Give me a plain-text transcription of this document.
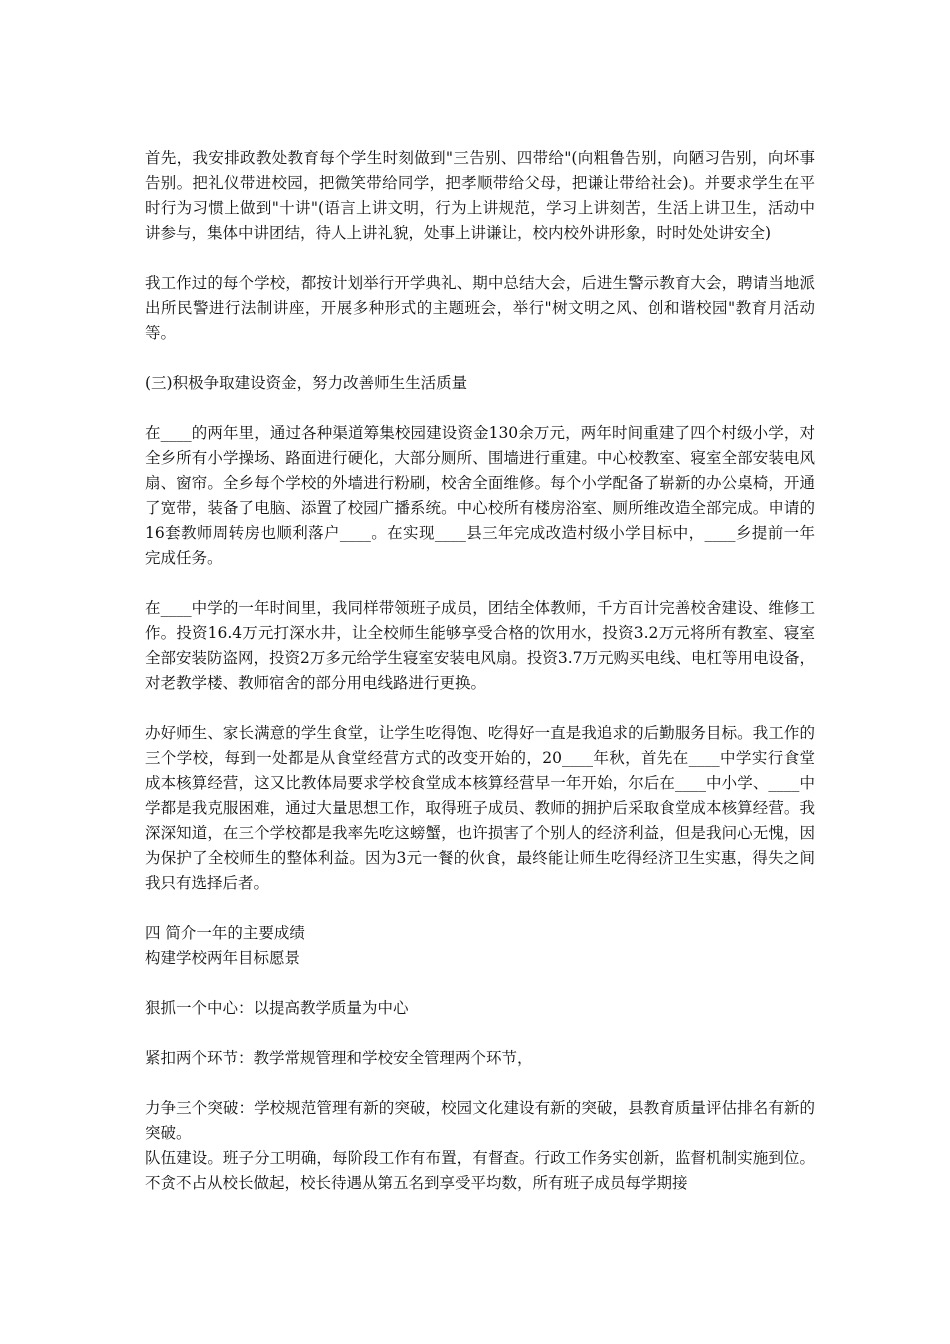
首先，我安排政教处教育每个学生时刻做到"三告别、四带给"(向粗鲁告别，向陋习告别，向坏事告别。把礼仪带进校园，把微笑带给同学，把孝顺带给父母，把谦让带给社会)。并要求学生在平时行为习惯上做到"十讲"(语言上讲文明，行为上讲规范，学习上讲刻苦，生活上讲卫生，活动中讲参与，集体中讲团结，待人上讲礼貌，处事上讲谦让，校内校外讲形象，时时处处讲安全)

我工作过的每个学校，都按计划举行开学典礼、期中总结大会，后进生警示教育大会，聘请当地派出所民警进行法制讲座，开展多种形式的主题班会，举行"树文明之风、创和谐校园"教育月活动等。

(三)积极争取建设资金，努力改善师生生活质量

在____的两年里，通过各种渠道筹集校园建设资金130余万元，两年时间重建了四个村级小学，对全乡所有小学操场、路面进行硬化，大部分厕所、围墙进行重建。中心校教室、寝室全部安装电风扇、窗帘。全乡每个学校的外墙进行粉刷，校舍全面维修。每个小学配备了崭新的办公桌椅，开通了宽带，装备了电脑、添置了校园广播系统。中心校所有楼房浴室、厕所维改造全部完成。申请的16套教师周转房也顺利落户____。在实现____县三年完成改造村级小学目标中，____乡提前一年完成任务。

在____中学的一年时间里，我同样带领班子成员，团结全体教师，千方百计完善校舍建设、维修工作。投资16.4万元打深水井，让全校师生能够享受合格的饮用水，投资3.2万元将所有教室、寝室全部安装防盗网，投资2万多元给学生寝室安装电风扇。投资3.7万元购买电线、电杠等用电设备，对老教学楼、教师宿舍的部分用电线路进行更换。

办好师生、家长满意的学生食堂，让学生吃得饱、吃得好一直是我追求的后勤服务目标。我工作的三个学校，每到一处都是从食堂经营方式的改变开始的，20____年秋，首先在____中学实行食堂成本核算经营，这又比教体局要求学校食堂成本核算经营早一年开始，尔后在____中小学、____中学都是我克服困难，通过大量思想工作，取得班子成员、教师的拥护后采取食堂成本核算经营。我深深知道，在三个学校都是我率先吃这螃蟹，也许损害了个别人的经济利益，但是我问心无愧，因为保护了全校师生的整体利益。因为3元一餐的伙食，最终能让师生吃得经济卫生实惠，得失之间我只有选择后者。

四 简介一年的主要成绩

构建学校两年目标愿景

狠抓一个中心：以提高教学质量为中心

紧扣两个环节：教学常规管理和学校安全管理两个环节，

力争三个突破：学校规范管理有新的突破，校园文化建设有新的突破，县教育质量评估排名有新的突破。

队伍建设。班子分工明确，每阶段工作有布置，有督查。行政工作务实创新，监督机制实施到位。不贪不占从校长做起，校长待遇从第五名到享受平均数，所有班子成员每学期接
